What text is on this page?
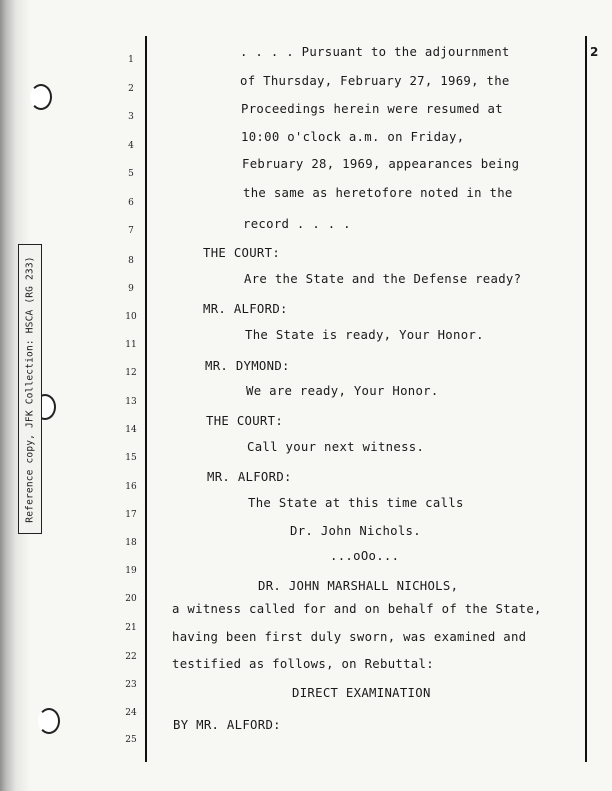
Reference copy, JFK Collection: HSCA (RG 233)
2
1
2
3
4
5
6
7
8
9
10
11
12
13
14
15
16
17
18
19
20
21
22
23
24
25
. . . . Pursuant to the adjournment
of Thursday, February 27, 1969, the
Proceedings herein were resumed at
10:00 o'clock a.m. on Friday,
February 28, 1969, appearances being
the same as heretofore noted in the
record . . . .
THE COURT:
Are the State and the Defense ready?
MR. ALFORD:
The State is ready, Your Honor.
MR. DYMOND:
We are ready, Your Honor.
THE COURT:
Call your next witness.
MR. ALFORD:
The State at this time calls
Dr. John Nichols.
...oOo...
DR. JOHN MARSHALL NICHOLS,
a witness called for and on behalf of the State,
having been first duly sworn, was examined and
testified as follows, on Rebuttal:
DIRECT EXAMINATION
BY MR. ALFORD:
